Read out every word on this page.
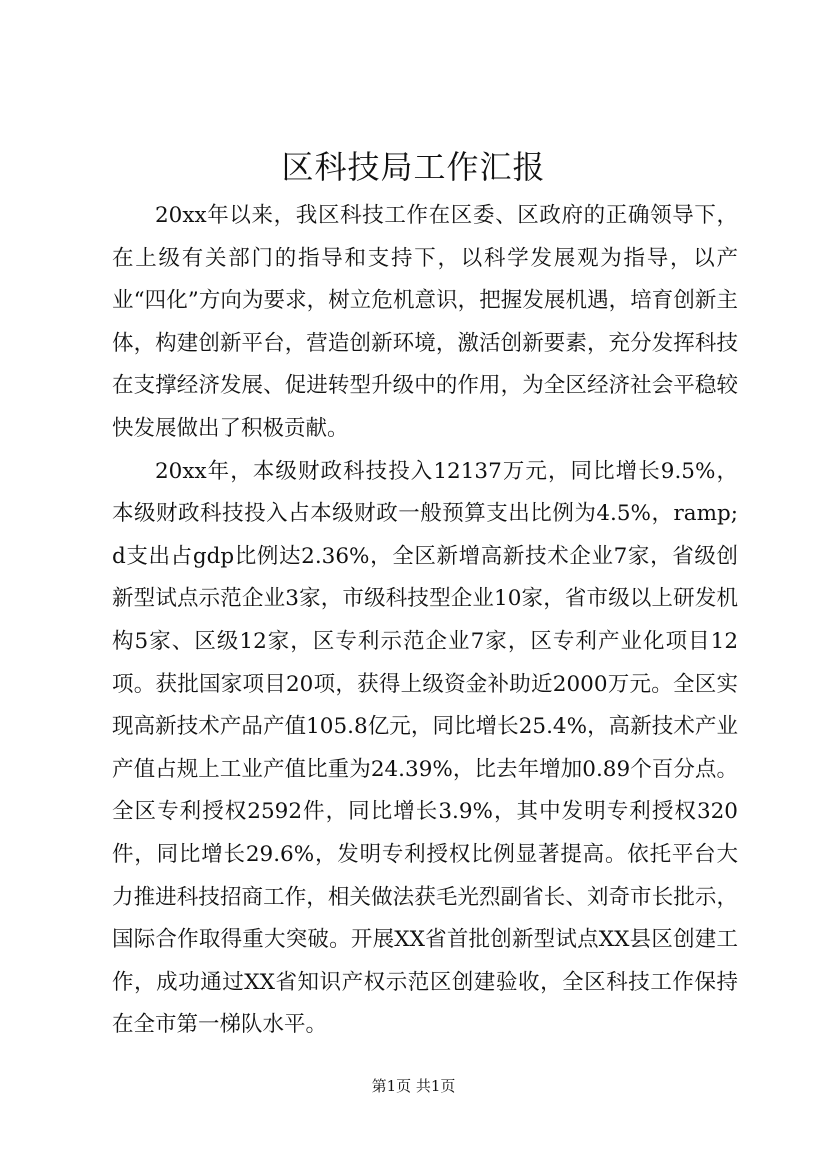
区科技局工作汇报

20xx年以来，我区科技工作在区委、区政府的正确领导下，在上级有关部门的指导和支持下，以科学发展观为指导，以产业“四化”方向为要求，树立危机意识，把握发展机遇，培育创新主体，构建创新平台，营造创新环境，激活创新要素，充分发挥科技在支撑经济发展、促进转型升级中的作用，为全区经济社会平稳较快发展做出了积极贡献。

20xx年，本级财政科技投入12137万元，同比增长9.5%，本级财政科技投入占本级财政一般预算支出比例为4.5%，ramp;d支出占gdp比例达2.36%，全区新增高新技术企业7家，省级创新型试点示范企业3家，市级科技型企业10家，省市级以上研发机构5家、区级12家，区专利示范企业7家，区专利产业化项目12项。获批国家项目20项，获得上级资金补助近2000万元。全区实现高新技术产品产值105.8亿元，同比增长25.4%，高新技术产业产值占规上工业产值比重为24.39%，比去年增加0.89个百分点。全区专利授权2592件，同比增长3.9%，其中发明专利授权320件，同比增长29.6%，发明专利授权比例显著提高。依托平台大力推进科技招商工作，相关做法获毛光烈副省长、刘奇市长批示，国际合作取得重大突破。开展XX省首批创新型试点XX县区创建工作，成功通过XX省知识产权示范区创建验收，全区科技工作保持在全市第一梯队水平。

第1页 共1页
